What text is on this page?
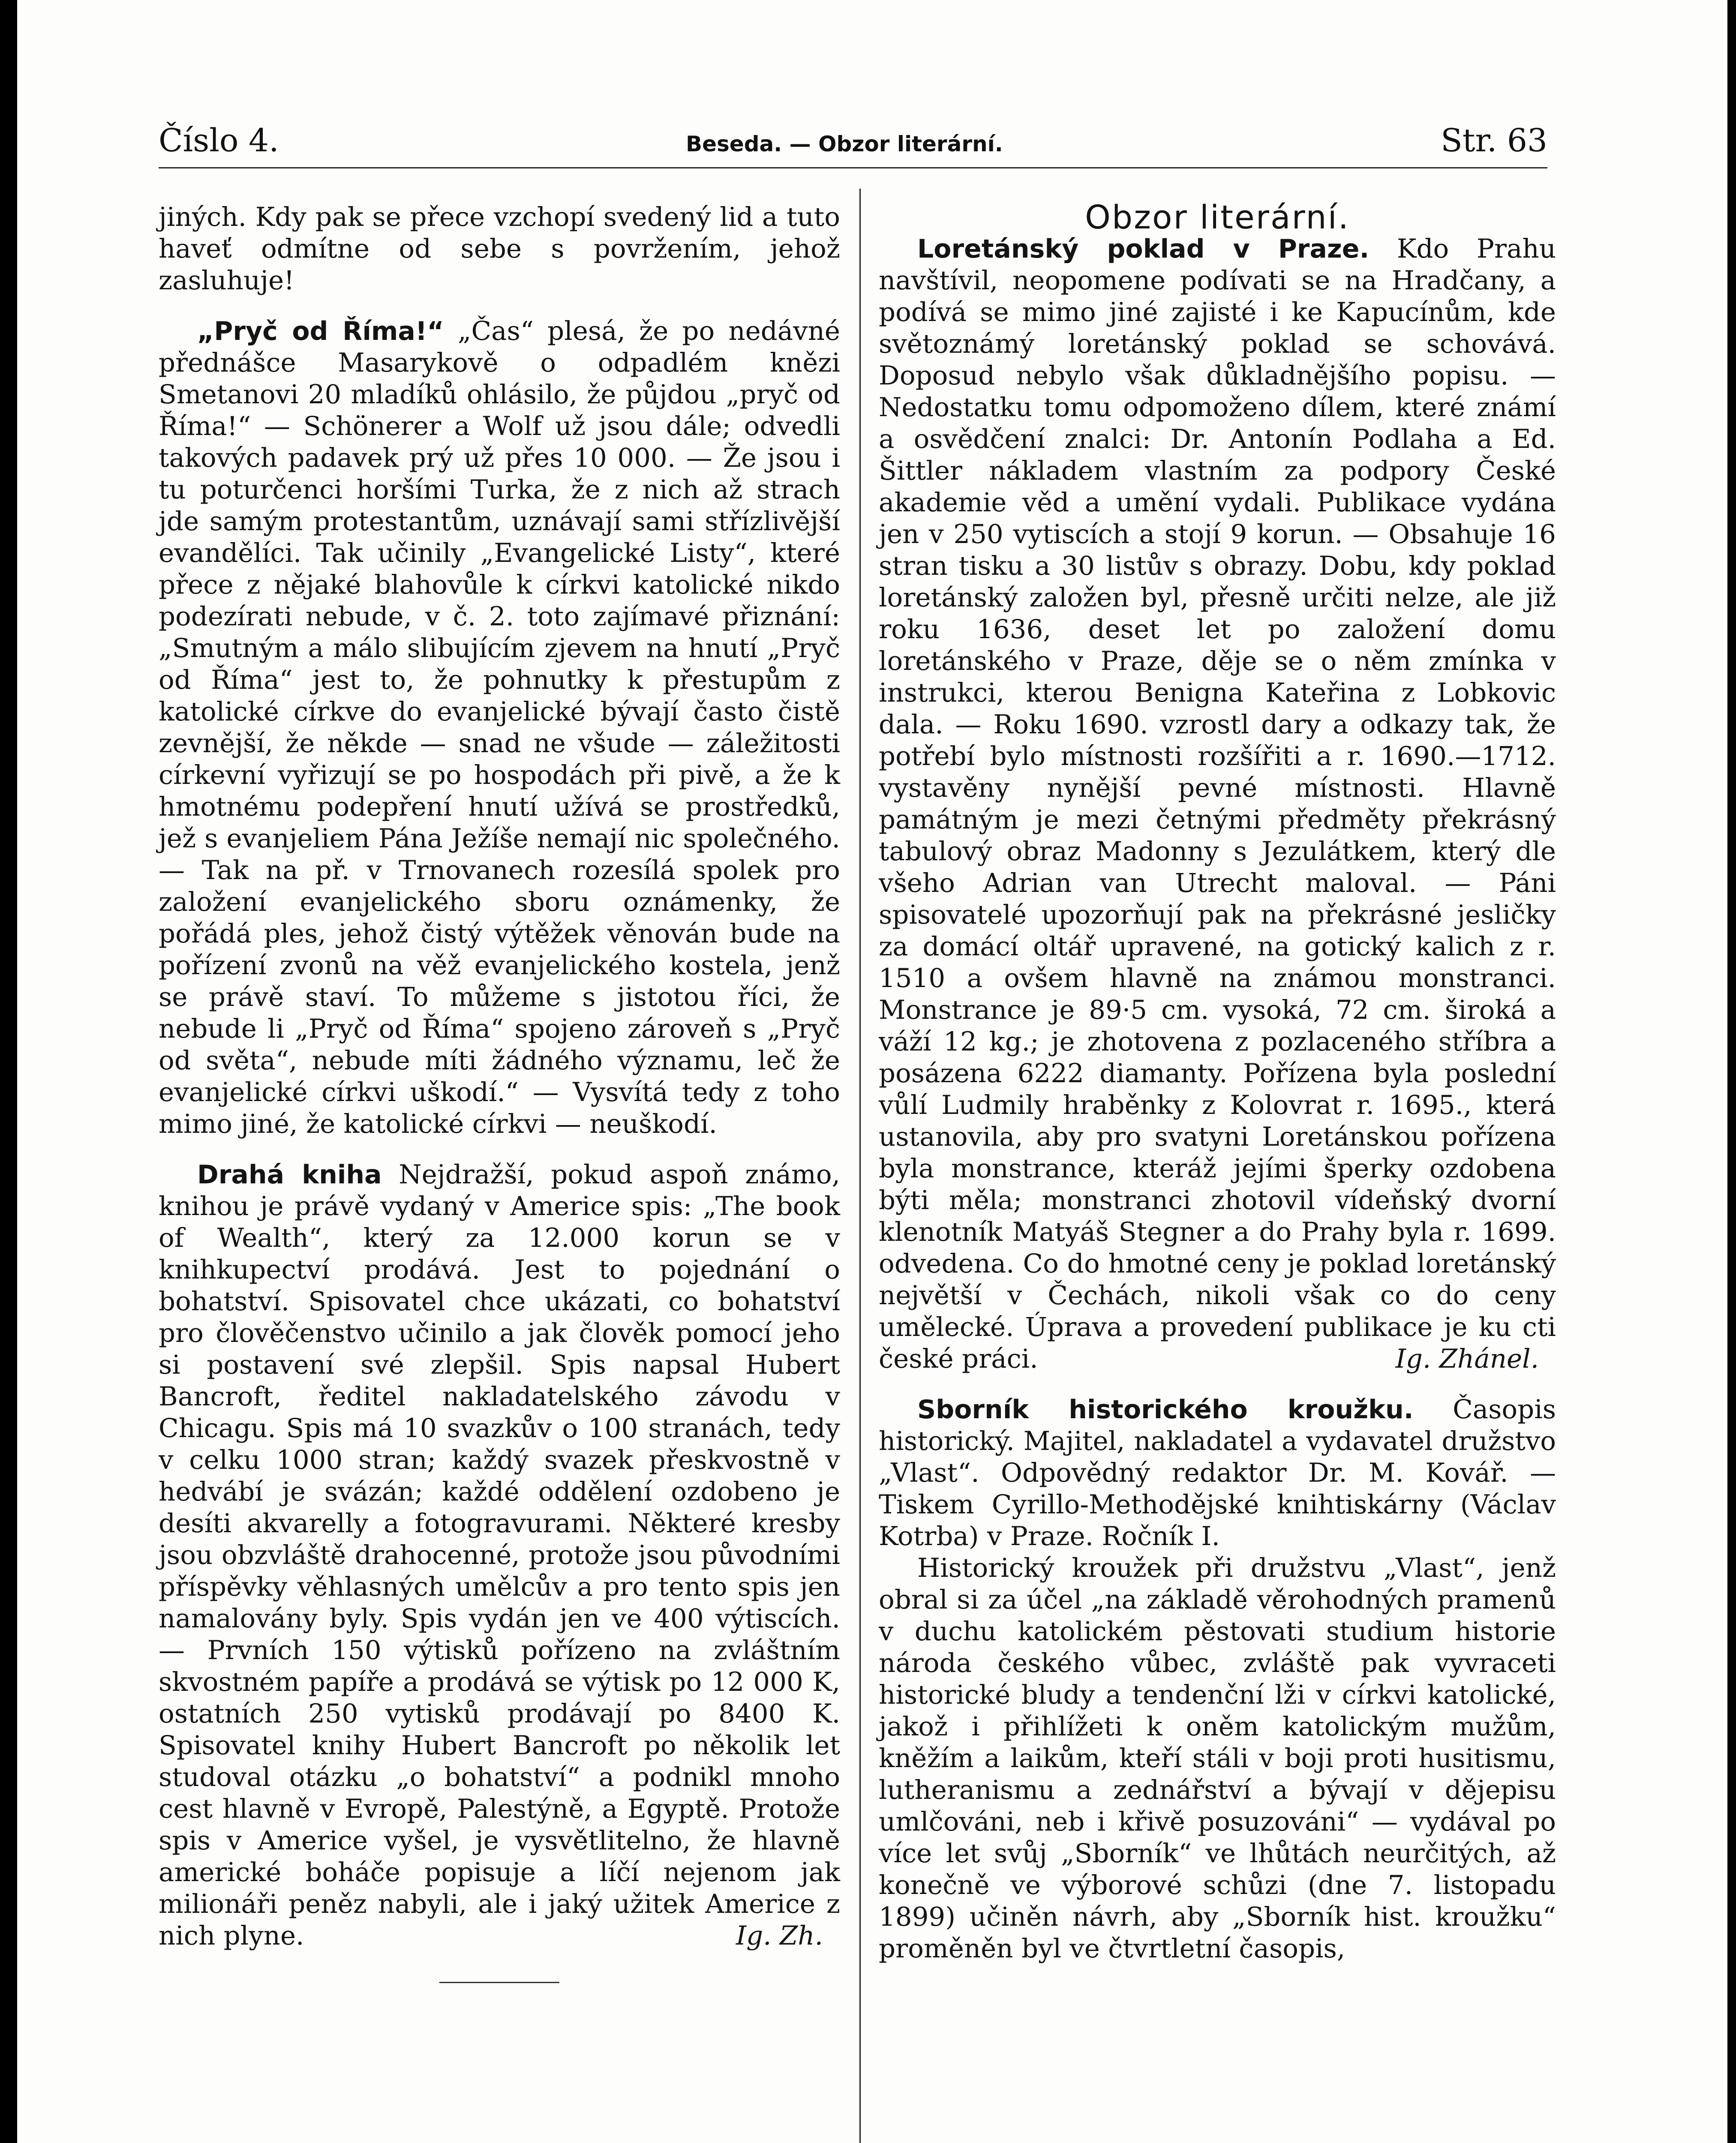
Číslo 4.	Beseda. — Obzor literární.	Str. 63

jiných. Kdy pak se přece vzchopí svedený lid a tuto haveť odmítne od sebe s povržením, jehož zasluhuje!

„Pryč od Říma!“ „Čas“ plesá, že po nedávné přednášce Masarykově o odpadlém knězi Smetanovi 20 mladíků ohlásilo, že půjdou „pryč od Říma!“ — Schönerer a Wolf už jsou dále; odvedli takových padavek prý už přes 10 000. — Že jsou i tu poturčenci horšími Turka, že z nich až strach jde samým protestantům, uznávají sami střízlivější evandělíci. Tak učinily „Evangelické Listy“, které přece z nějaké blahovůle k církvi katolické nikdo podezírati nebude, v č. 2. toto zajímavé přiznání: „Smutným a málo slibujícím zjevem na hnutí „Pryč od Říma“ jest to, že pohnutky k přestupům z katolické církve do evanjelické bývají často čistě zevnější, že někde — snad ne všude — záležitosti církevní vyřizují se po hospodách při pivě, a že k hmotnému podepření hnutí užívá se prostředků, jež s evanjeliem Pána Ježíše nemají nic společného. — Tak na př. v Trnovanech rozesílá spolek pro založení evanjelického sboru oznámenky, že pořádá ples, jehož čistý výtěžek věnován bude na pořízení zvonů na věž evanjelického kostela, jenž se právě staví. To můžeme s jistotou říci, že nebude li „Pryč od Říma“ spojeno zároveň s „Pryč od světa“, nebude míti žádného významu, leč že evanjelické církvi uškodí.“ — Vysvítá tedy z toho mimo jiné, že katolické církvi — neuškodí.

Drahá kniha Nejdražší, pokud aspoň známo, knihou je právě vydaný v Americe spis: „The book of Wealth“, který za 12.000 korun se v knihkupectví prodává. Jest to pojednání o bohatství. Spisovatel chce ukázati, co bohatství pro člověčenstvo učinilo a jak člověk pomocí jeho si postavení své zlepšil. Spis napsal Hubert Bancroft, ředitel nakladatelského závodu v Chicagu. Spis má 10 svazkův o 100 stranách, tedy v celku 1000 stran; každý svazek přeskvostně v hedvábí je svázán; každé oddělení ozdobeno je desíti akvarelly a fotogravurami. Některé kresby jsou obzvláště drahocenné, protože jsou původními příspěvky věhlasných umělcův a pro tento spis jen namalovány byly. Spis vydán jen ve 400 výtiscích. — Prvních 150 výtisků pořízeno na zvláštním skvostném papíře a prodává se výtisk po 12 000 K, ostatních 250 vytisků prodávají po 8400 K. Spisovatel knihy Hubert Bancroft po několik let studoval otázku „o bohatství“ a podnikl mnoho cest hlavně v Evropě, Palestýně, a Egyptě. Protože spis v Americe vyšel, je vysvětlitelno, že hlavně americké boháče popisuje a líčí nejenom jak milionáři peněz nabyli, ale i jaký užitek Americe z nich plyne.	Ig. Zh.

Obzor literární.

Loretánský poklad v Praze. Kdo Prahu navštívil, neopomene podívati se na Hradčany, a podívá se mimo jiné zajisté i ke Kapucínům, kde světoznámý loretánský poklad se schovává. Doposud nebylo však důkladnějšího popisu. — Nedostatku tomu odpomoženo dílem, které známí a osvědčení znalci: Dr. Antonín Podlaha a Ed. Šittler nákladem vlastním za podpory České akademie věd a umění vydali. Publikace vydána jen v 250 vytiscích a stojí 9 korun. — Obsahuje 16 stran tisku a 30 listův s obrazy. Dobu, kdy poklad loretánský založen byl, přesně určiti nelze, ale již roku 1636, deset let po založení domu loretánského v Praze, děje se o něm zmínka v instrukci, kterou Benigna Kateřina z Lobkovic dala. — Roku 1690. vzrostl dary a odkazy tak, že potřebí bylo místnosti rozšířiti a r. 1690.—1712. vystavěny nynější pevné místnosti. Hlavně památným je mezi četnými předměty překrásný tabulový obraz Madonny s Jezulátkem, který dle všeho Adrian van Utrecht maloval. — Páni spisovatelé upozorňují pak na překrásné jesličky za domácí oltář upravené, na gotický kalich z r. 1510 a ovšem hlavně na známou monstranci. Monstrance je 89·5 cm. vysoká, 72 cm. široká a váží 12 kg.; je zhotovena z pozlaceného stříbra a posázena 6222 diamanty. Pořízena byla poslední vůlí Ludmily hraběnky z Kolovrat r. 1695., která ustanovila, aby pro svatyni Loretánskou pořízena byla monstrance, kteráž jejími šperky ozdobena býti měla; monstranci zhotovil vídeňský dvorní klenotník Matyáš Stegner a do Prahy byla r. 1699. odvedena. Co do hmotné ceny je poklad loretánský největší v Čechách, nikoli však co do ceny umělecké. Úprava a provedení publikace je ku cti české práci.	Ig. Zhánel.

Sborník historického kroužku. Časopis historický. Majitel, nakladatel a vydavatel družstvo „Vlast“. Odpovědný redaktor Dr. M. Kovář. — Tiskem Cyrillo-Methodějské knihtiskárny (Václav Kotrba) v Praze. Ročník I.

Historický kroužek při družstvu „Vlast“, jenž obral si za účel „na základě věrohodných pramenů v duchu katolickém pěstovati studium historie národa českého vůbec, zvláště pak vyvraceti historické bludy a tendenční lži v církvi katolické, jakož i přihlížeti k oněm katolickým mužům, kněžím a laikům, kteří stáli v boji proti husitismu, lutheranismu a zednářství a bývají v dějepisu umlčováni, neb i křivě posuzováni“ — vydával po více let svůj „Sborník“ ve lhůtách neurčitých, až konečně ve výborové schůzi (dne 7. listopadu 1899) učiněn návrh, aby „Sborník hist. kroužku“ proměněn byl ve čtvrtletní časopis,
